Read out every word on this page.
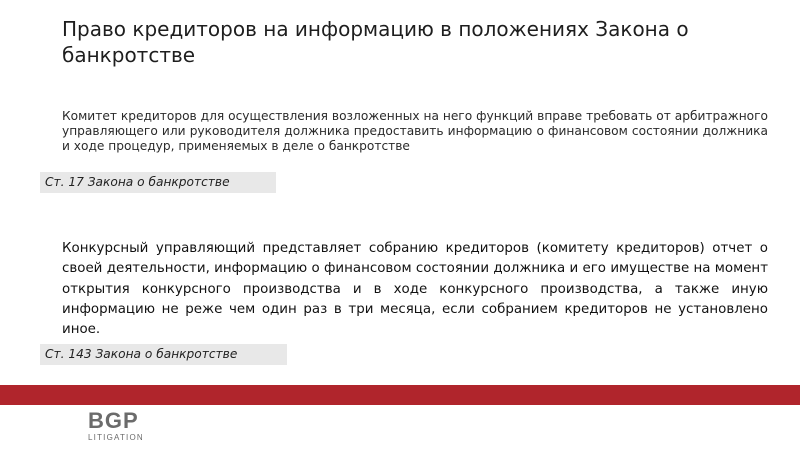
Право кредиторов на информацию в положениях Закона о банкротстве

Комитет кредиторов для осуществления возложенных на него функций вправе требовать от арбитражного управляющего или руководителя должника предоставить информацию о финансовом состоянии должника и ходе процедур, применяемых в деле о банкротстве

Ст. 17 Закона о банкротстве

Конкурсный управляющий представляет собранию кредиторов (комитету кредиторов) отчет о своей деятельности, информацию о финансовом состоянии должника и его имуществе на момент открытия конкурсного производства и в ходе конкурсного производства, а также иную информацию не реже чем один раз в три месяца, если собранием кредиторов не установлено иное.

Ст. 143 Закона о банкротстве
BGP
LITIGATION
